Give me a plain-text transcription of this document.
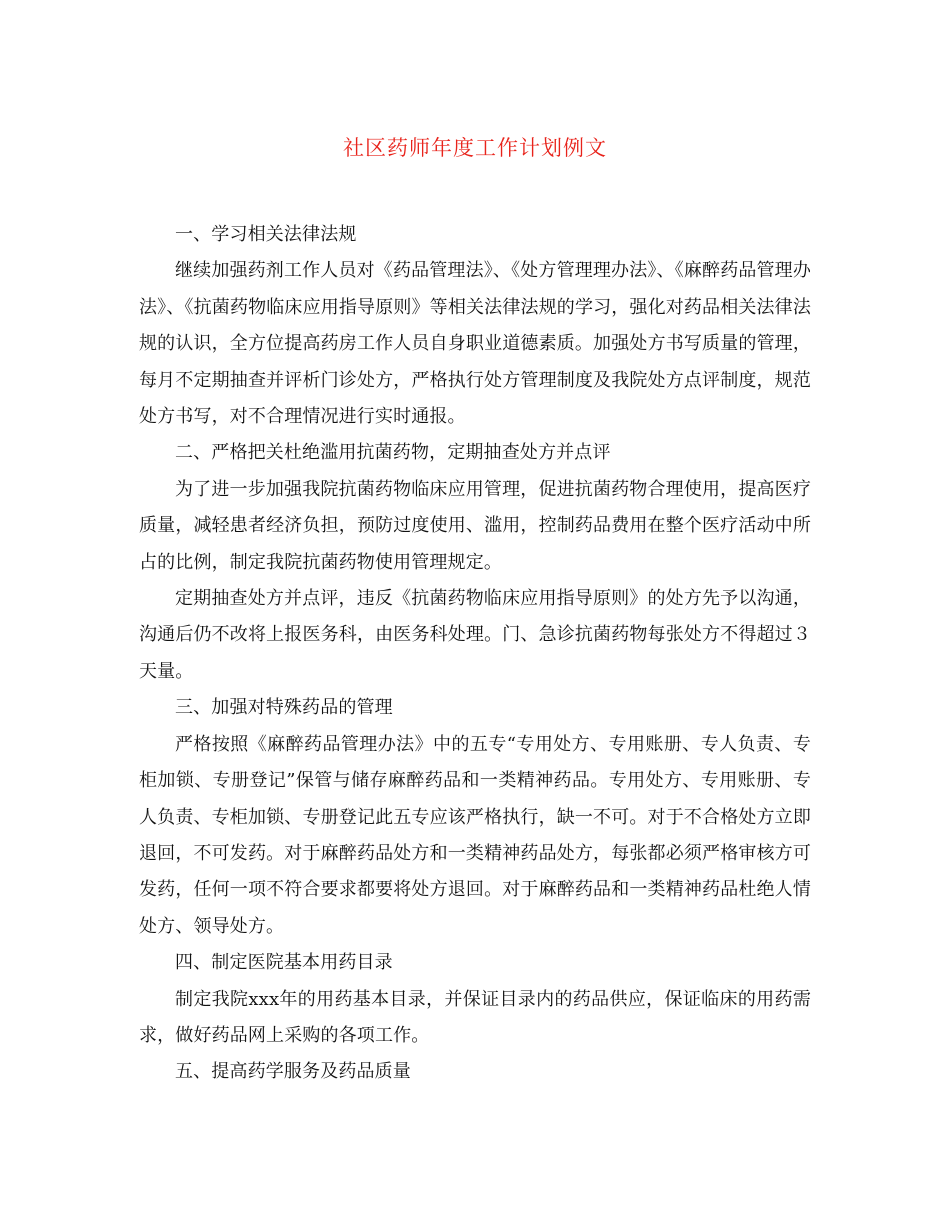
社区药师年度工作计划例文

一、学习相关法律法规

继续加强药剂工作人员对《药品管理法》、《处方管理理办法》、《麻醉药品管理办法》、《抗菌药物临床应用指导原则》等相关法律法规的学习，强化对药品相关法律法规的认识，全方位提高药房工作人员自身职业道德素质。加强处方书写质量的管理，每月不定期抽查并评析门诊处方，严格执行处方管理制度及我院处方点评制度，规范处方书写，对不合理情况进行实时通报。

二、严格把关杜绝滥用抗菌药物，定期抽查处方并点评

为了进一步加强我院抗菌药物临床应用管理，促进抗菌药物合理使用，提高医疗质量，减轻患者经济负担，预防过度使用、滥用，控制药品费用在整个医疗活动中所占的比例，制定我院抗菌药物使用管理规定。

定期抽查处方并点评，违反《抗菌药物临床应用指导原则》的处方先予以沟通，沟通后仍不改将上报医务科，由医务科处理。门、急诊抗菌药物每张处方不得超过３天量。

三、加强对特殊药品的管理

严格按照《麻醉药品管理办法》中的五专“专用处方、专用账册、专人负责、专柜加锁、专册登记”保管与储存麻醉药品和一类精神药品。专用处方、专用账册、专人负责、专柜加锁、专册登记此五专应该严格执行，缺一不可。对于不合格处方立即退回，不可发药。对于麻醉药品处方和一类精神药品处方，每张都必须严格审核方可发药，任何一项不符合要求都要将处方退回。对于麻醉药品和一类精神药品杜绝人情处方、领导处方。

四、制定医院基本用药目录

制定我院xxx年的用药基本目录，并保证目录内的药品供应，保证临床的用药需求，做好药品网上采购的各项工作。

五、提高药学服务及药品质量
